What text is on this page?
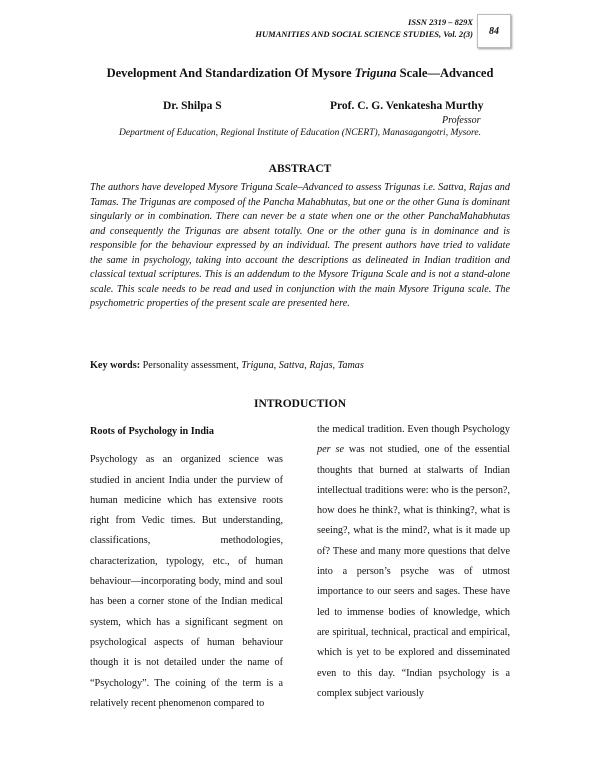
ISSN 2319 – 829X
HUMANITIES AND SOCIAL SCIENCE STUDIES, Vol. 2(3) 84
Development And Standardization Of Mysore Triguna Scale—Advanced
Dr. Shilpa S	Prof. C. G. Venkatesha Murthy
Professor
Department of Education, Regional Institute of Education (NCERT), Manasagangotri, Mysore.
ABSTRACT
The authors have developed Mysore Triguna Scale–Advanced to assess Trigunas i.e. Sattva, Rajas and Tamas. The Trigunas are composed of the Pancha Mahabhutas, but one or the other Guna is dominant singularly or in combination. There can never be a state when one or the other PanchaMahabhutas and consequently the Trigunas are absent totally. One or the other guna is in dominance and is responsible for the behaviour expressed by an individual. The present authors have tried to validate the same in psychology, taking into account the descriptions as delineated in Indian tradition and classical textual scriptures. This is an addendum to the Mysore Triguna Scale and is not a stand-alone scale. This scale needs to be read and used in conjunction with the main Mysore Triguna scale. The psychometric properties of the present scale are presented here.
Key words: Personality assessment, Triguna, Sattva, Rajas, Tamas
INTRODUCTION
Roots of Psychology in India
Psychology as an organized science was studied in ancient India under the purview of human medicine which has extensive roots right from Vedic times. But understanding, classifications, methodologies, characterization, typology, etc., of human behaviour—incorporating body, mind and soul has been a corner stone of the Indian medical system, which has a significant segment on psychological aspects of human behaviour though it is not detailed under the name of “Psychology”. The coining of the term is a relatively recent phenomenon compared to
the medical tradition. Even though Psychology per se was not studied, one of the essential thoughts that burned at stalwarts of Indian intellectual traditions were: who is the person?, how does he think?, what is thinking?, what is seeing?, what is the mind?, what is it made up of? These and many more questions that delve into a person’s psyche was of utmost importance to our seers and sages. These have led to immense bodies of knowledge, which are spiritual, technical, practical and empirical, which is yet to be explored and disseminated even to this day. “Indian psychology is a complex subject variously
